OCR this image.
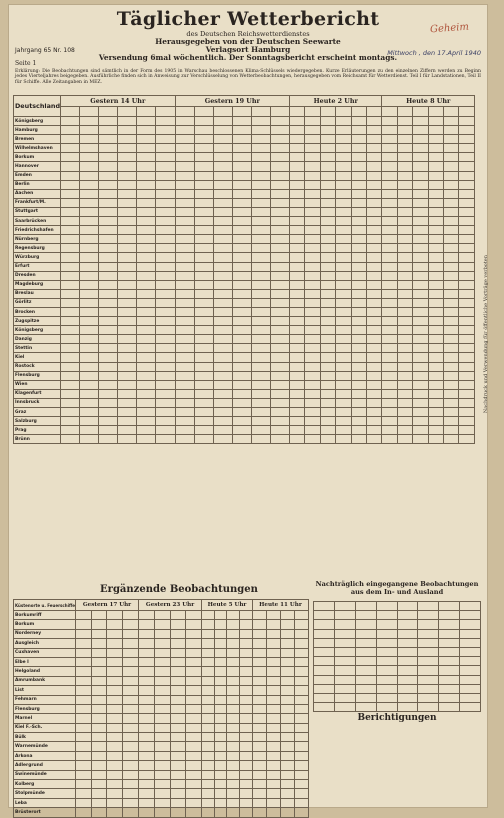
Geheim
Täglicher Wetterbericht
des Deutschen Reichswetterdienstes
Herausgegeben von der Deutschen Seewarte
Verlagsort Hamburg
Versendung 6mal wöchentlich. Der Sonntagsbericht erscheint montags.
Jahrgang 65 Nr. 108
Seite 1
Mittwoch , den 17.April 1940
Erklärung: Die Beobachtungen sind sämtlich in der Form des 1905 in Warschau beschlossenen Klima-Schlüssels wiedergegeben. Kurze Erläuterungen zu den einzelnen Ziffern werden zu Beginn jedes Vierteljahres beigegeben. Ausführliche finden sich in Anweisung zur Verschlüsselung von Wetterbeobachtungen, herausgegeben vom Reichsamt für Wetterdienst. Teil I für Landstationen, Teil II für Schiffe. Alle Zeitangaben in MEZ.
Nachdruck und Verwendung für öffentliche Vorträge verboten
Deutschland	Gestern 14 Uhr						Gestern 19 Uhr						Heute 2 Uhr						Heute 8 Uhr					

Königsberg																								
Hamburg																								
Bremen																								
Wilhelmshaven																								
Borkum																								
Hannover																								
Emden																								
Berlin																								
Aachen																								
Frankfurt/M.																								
Stuttgart																								
Saarbrücken																								
Friedrichshafen																								
Nürnberg																								
Regensburg																								
Würzburg																								
Erfurt																								
Dresden																								
Magdeburg																								
Breslau																								
Görlitz																								
Brocken																								
Zugspitze																								
Königsberg																								
Danzig																								
Stettin																								
Kiel																								
Rostock																								
Flensburg																								
Wien																								
Klagenfurt																								
Innsbruck																								
Graz																								
Salzburg																								
Prag																								
Brünn																								
Ergänzende Beobachtungen	Nachträglich eingegangene Beobachtungen aus dem In- und Ausland
Berichtigungen
Küstenorte u. Feuerschiffe	Gestern 17 Uhr				Gestern 23 Uhr				Heute 5 Uhr				Heute 11 Uhr			
Borkumriff																
Borkum																
Norderney																
Ausgleich																
Cuxhaven																
Elbe I																
Helgoland																
Amrumbank																
List																
Fehmarn																
Flensburg																
Marnel																
Kiel F.-Sch.																
Bülk																
Warnemünde																
Arkona																
Adlergrund																
Swinemünde																
Kolberg																
Stolpmünde																
Leba																
Brüsterort																
